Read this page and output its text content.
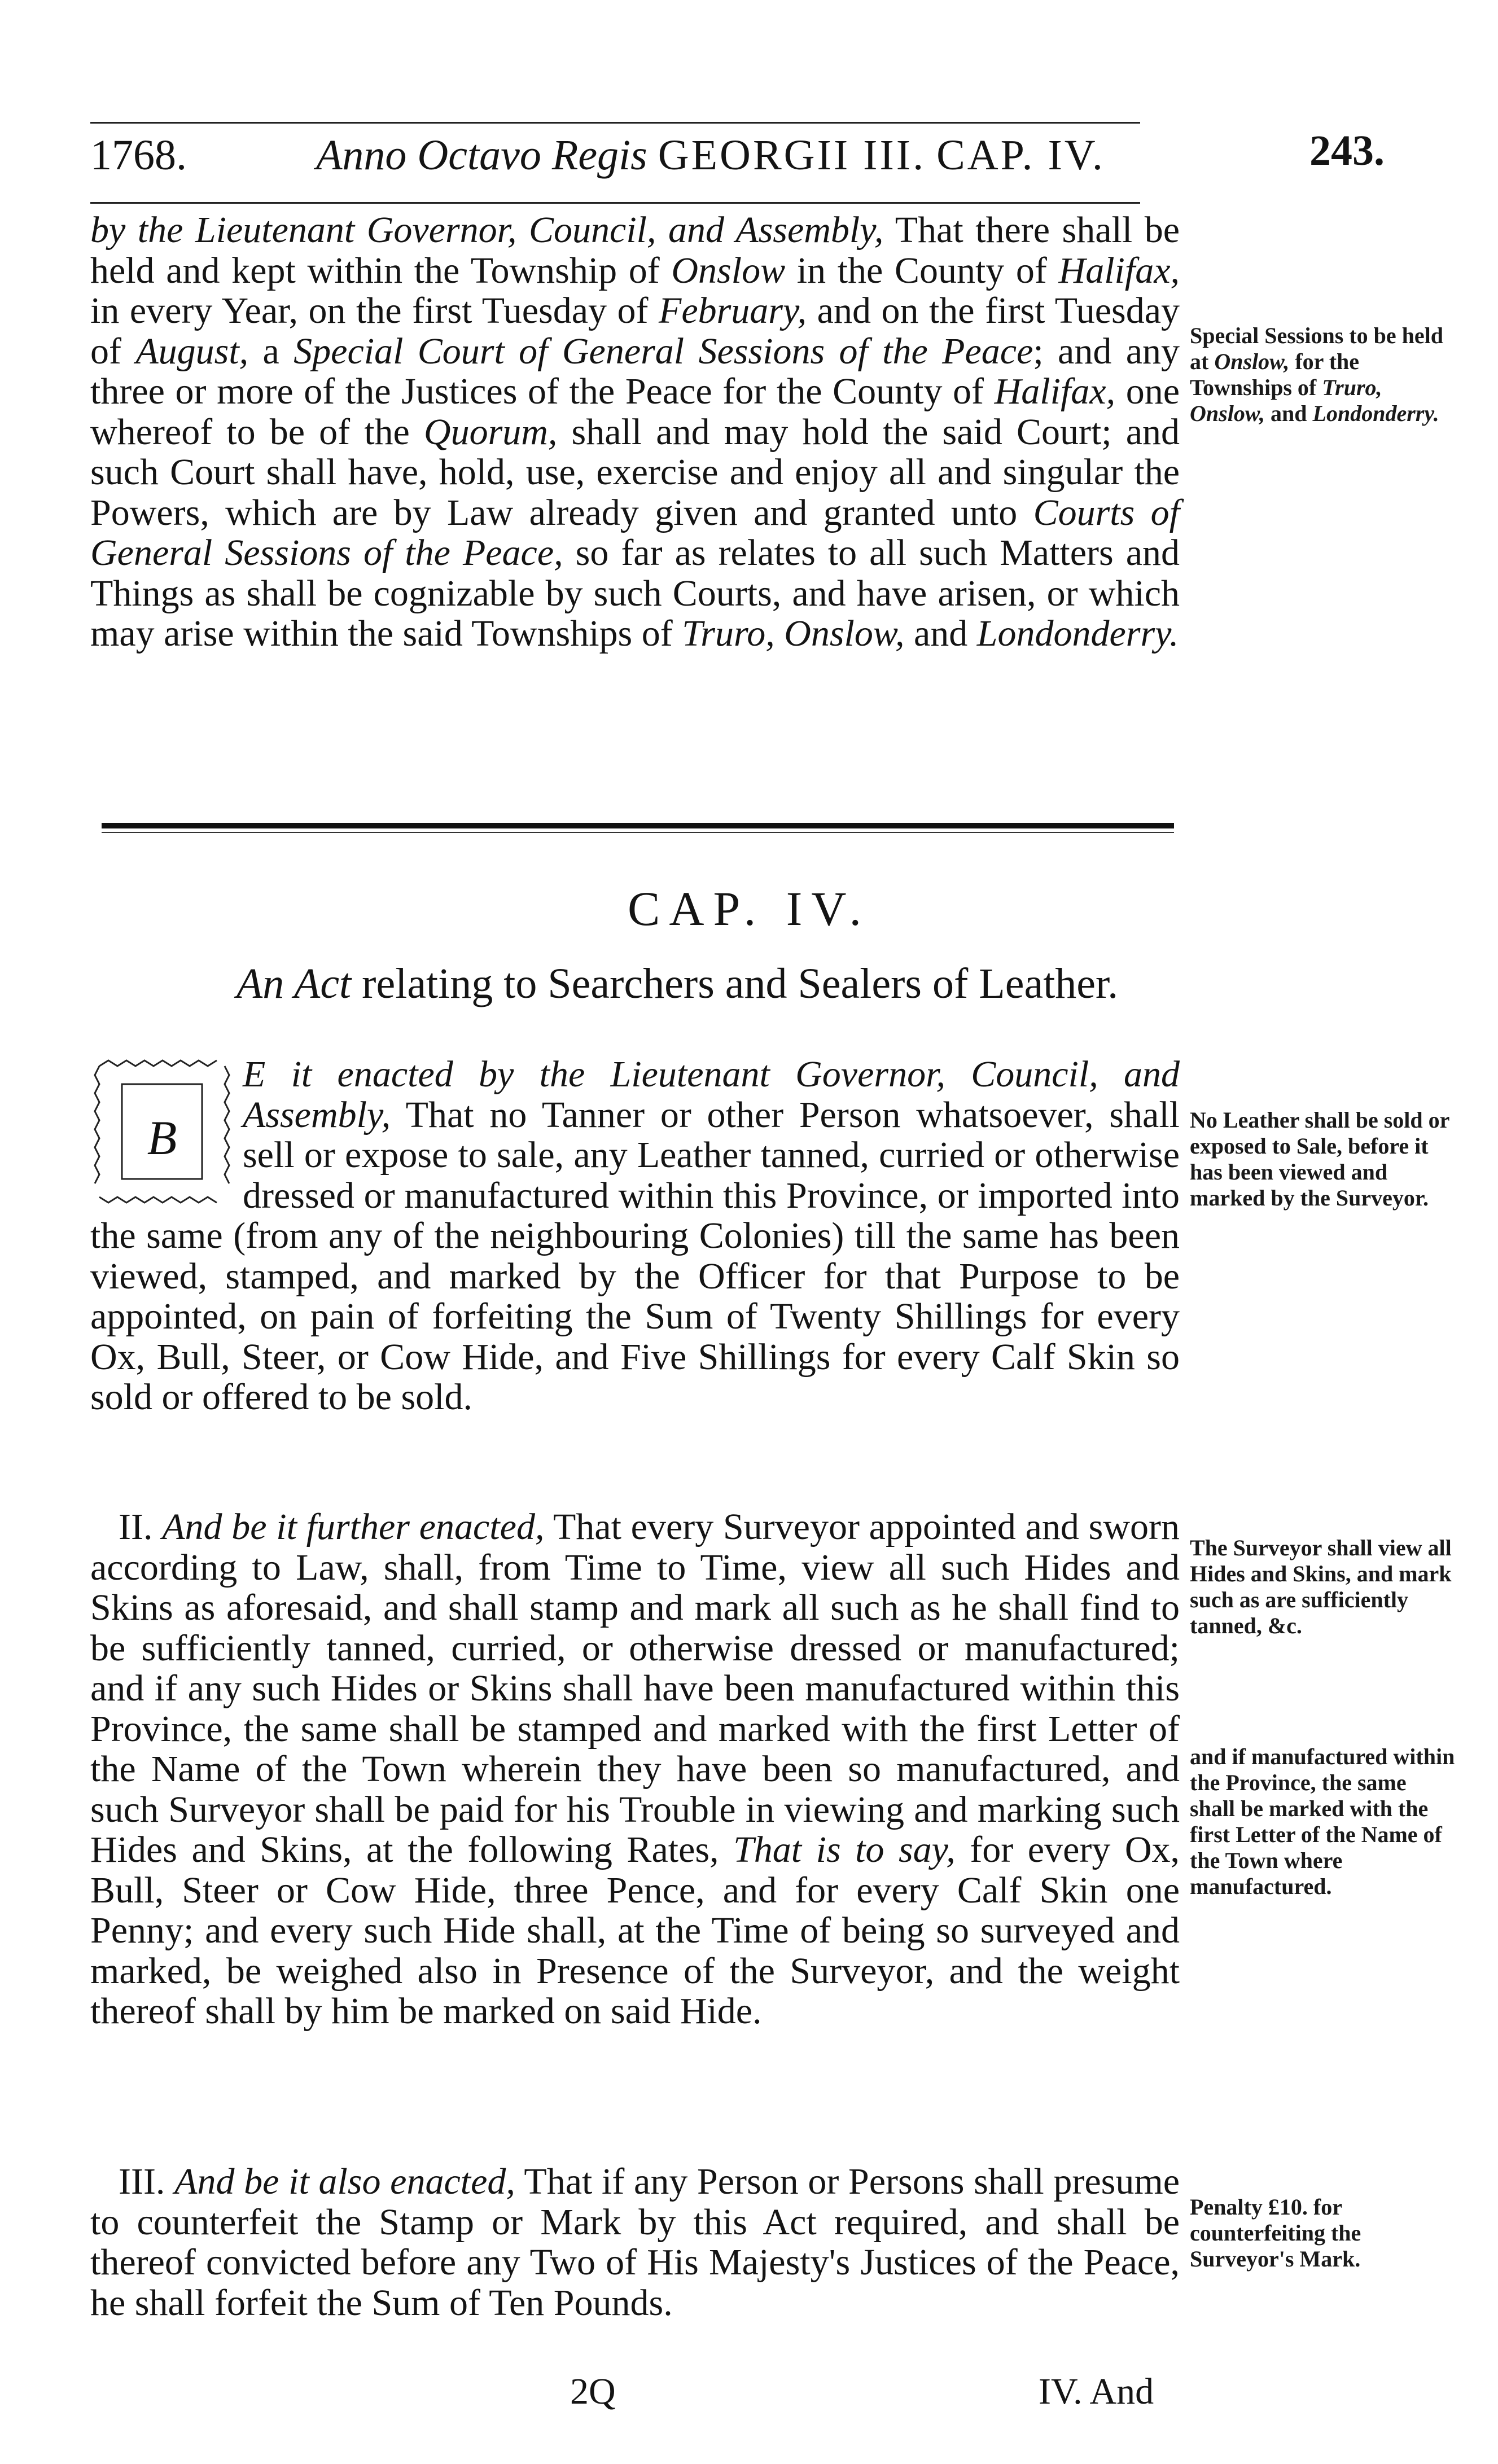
1768.	Anno Octavo Regis GEORGII III. CAP. IV.	243.

by the Lieutenant Governor, Council, and Assembly, That there shall be held and kept within the Township of Onslow in the County of Halifax, in every Year, on the first Tuesday of February, and on the first Tuesday of August, a Special Court of General Sessions of the Peace; and any three or more of the Justices of the Peace for the County of Halifax, one whereof to be of the Quorum, shall and may hold the said Court; and such Court shall have, hold, use, exercise and enjoy all and singular the Powers, which are by Law already given and granted unto Courts of General Sessions of the Peace, so far as relates to all such Matters and Things as shall be cognizable by such Courts, and have arisen, or which may arise within the said Townships of Truro, Onslow, and Londonderry.

Special Sessions to be held at Onslow, for the Townships of Truro, Onslow, and Londonderry.
CAP. IV.
An Act relating to Searchers and Sealers of Leather.
B

E it enacted by the Lieutenant Governor, Council, and Assembly, That no Tanner or other Person whatsoever, shall sell or expose to sale, any Leather tanned, curried or otherwise dressed or manufactured within this Province, or imported into the same (from any of the neighbouring Colonies) till the same has been viewed, stamped, and marked by the Officer for that Purpose to be appointed, on pain of forfeiting the Sum of Twenty Shillings for every Ox, Bull, Steer, or Cow Hide, and Five Shillings for every Calf Skin so sold or offered to be sold.

No Leather shall be sold or exposed to Sale, before it has been viewed and marked by the Surveyor.

II. And be it further enacted, That every Surveyor appointed and sworn according to Law, shall, from Time to Time, view all such Hides and Skins as aforesaid, and shall stamp and mark all such as he shall find to be sufficiently tanned, curried, or otherwise dressed or manufactured; and if any such Hides or Skins shall have been manufactured within this Province, the same shall be stamped and marked with the first Letter of the Name of the Town wherein they have been so manufactured, and such Surveyor shall be paid for his Trouble in viewing and marking such Hides and Skins, at the following Rates, That is to say, for every Ox, Bull, Steer or Cow Hide, three Pence, and for every Calf Skin one Penny; and every such Hide shall, at the Time of being so surveyed and marked, be weighed also in Presence of the Surveyor, and the weight thereof shall by him be marked on said Hide.

The Surveyor shall view all Hides and Skins, and mark such as are sufficiently tanned, &c.
and if manufactured within the Province, the same shall be marked with the first Letter of the Name of the Town where manufactured.

III. And be it also enacted, That if any Person or Persons shall presume to counterfeit the Stamp or Mark by this Act required, and shall be thereof convicted before any Two of His Majesty's Justices of the Peace, he shall forfeit the Sum of Ten Pounds.

Penalty £10. for counterfeiting the Surveyor's Mark.
2Q	IV. And
